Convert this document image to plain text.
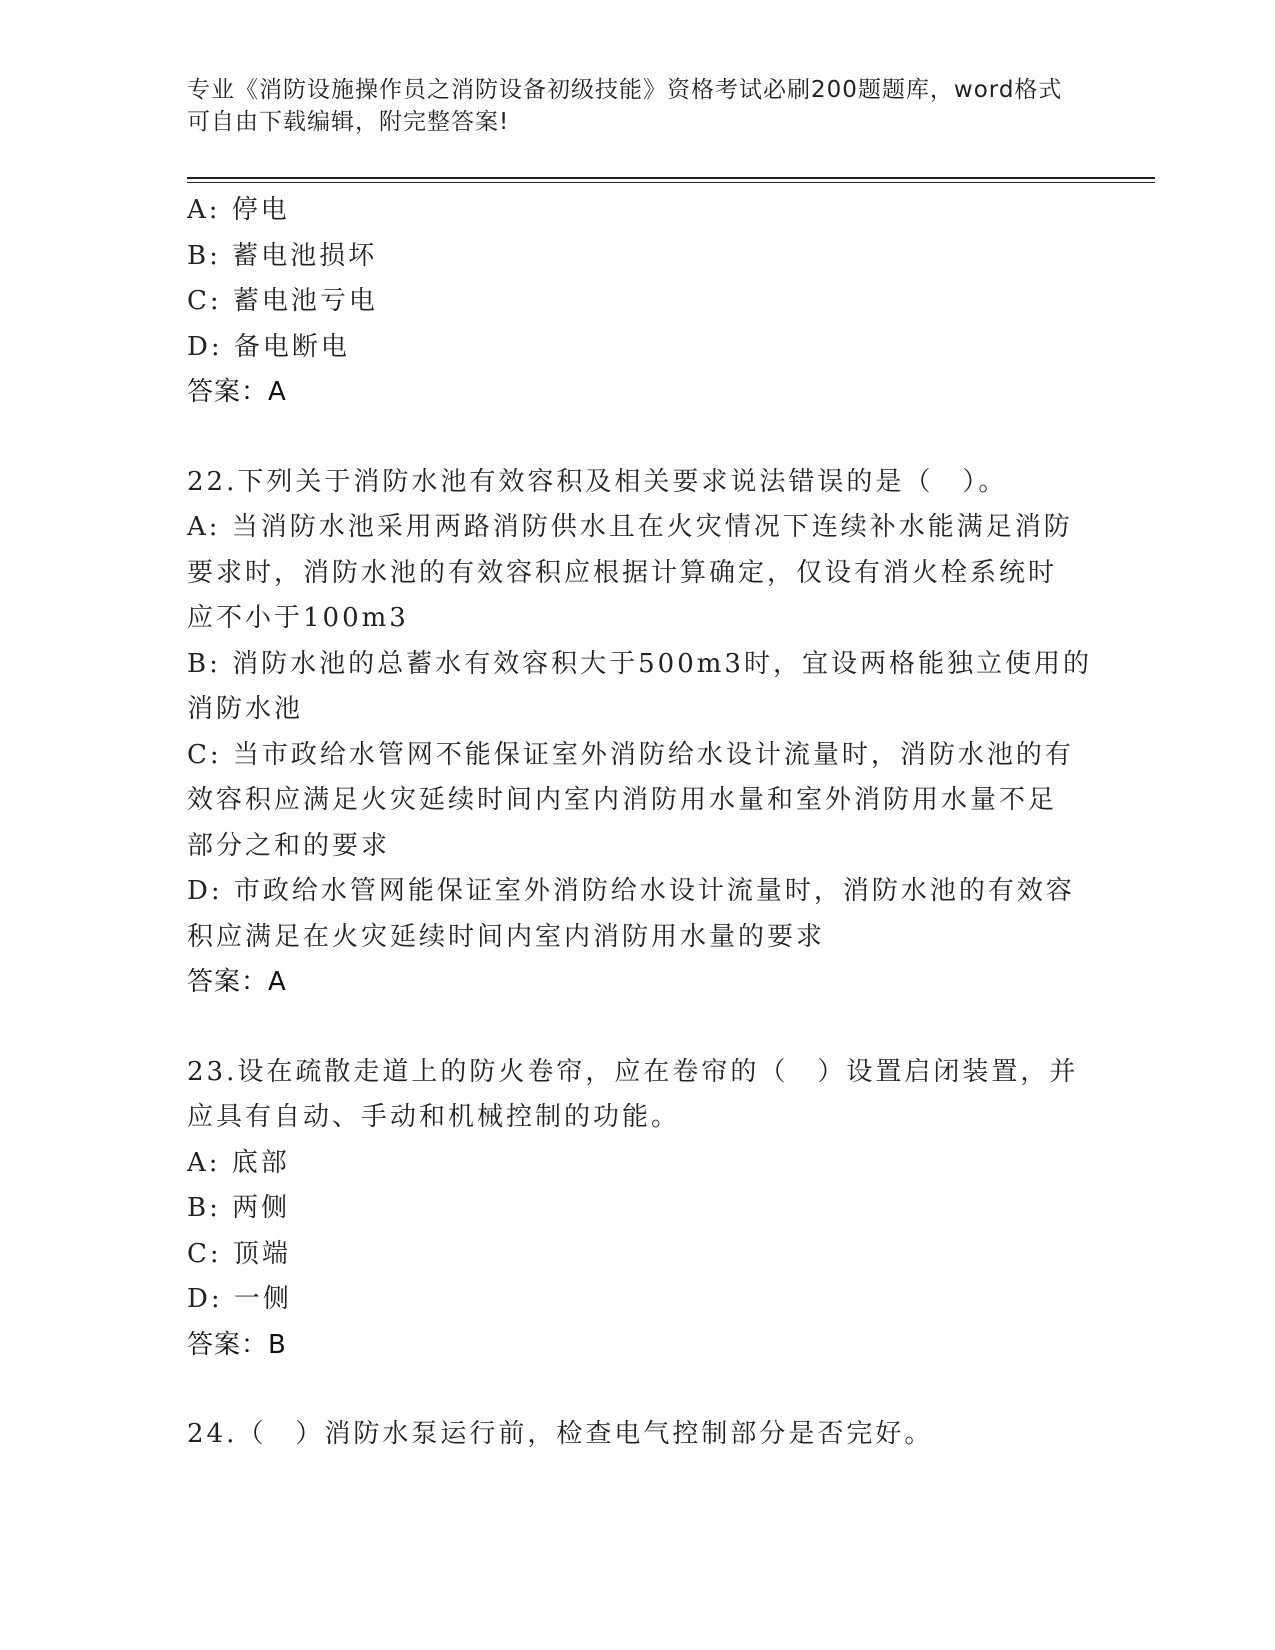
专业《消防设施操作员之消防设备初级技能》资格考试必刷200题题库，word格式可自由下载编辑，附完整答案!
A: 停电
B: 蓄电池损坏
C: 蓄电池亏电
D: 备电断电
答案：A
22.下列关于消防水池有效容积及相关要求说法错误的是（　）。
A: 当消防水池采用两路消防供水且在火灾情况下连续补水能满足消防
要求时，消防水池的有效容积应根据计算确定，仅设有消火栓系统时
应不小于100m3
B: 消防水池的总蓄水有效容积大于500m3时，宜设两格能独立使用的
消防水池
C: 当市政给水管网不能保证室外消防给水设计流量时，消防水池的有
效容积应满足火灾延续时间内室内消防用水量和室外消防用水量不足
部分之和的要求
D: 市政给水管网能保证室外消防给水设计流量时，消防水池的有效容
积应满足在火灾延续时间内室内消防用水量的要求
答案：A
23.设在疏散走道上的防火卷帘，应在卷帘的（　）设置启闭装置，并
应具有自动、手动和机械控制的功能。
A: 底部
B: 两侧
C: 顶端
D: 一侧
答案：B
24.（　）消防水泵运行前，检查电气控制部分是否完好。
